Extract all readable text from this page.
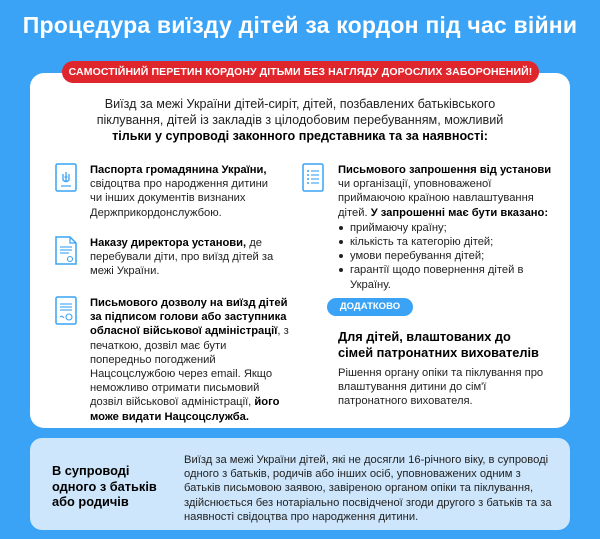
Процедура виїзду дітей за кордон під час війни
САМОСТІЙНИЙ ПЕРЕТИН КОРДОНУ ДІТЬМИ БЕЗ НАГЛЯДУ ДОРОСЛИХ ЗАБОРОНЕНИЙ!
Виїзд за межі України дітей-сиріт, дітей, позбавлених батьківського
піклування, дітей із закладів з цілодобовим перебуванням, можливий
тільки у супроводі законного представника та за наявності:
Паспорта громадянина України, свідоцтва про народження дитини чи інших документів визнаних Держприкордонслужбою.
Наказу директора установи, де перебували діти, про виїзд дітей за межі України.
Письмового дозволу на виїзд дітей за підписом голови або заступника обласної військової адміністрації, з печаткою, дозвіл має бути попередньо погоджений Нацсоцслужбою через email. Якщо неможливо отримати письмовий дозвіл військової адміністрації, його може видати Нацсоцслужба.
Письмового запрошення від установи чи організації, уповноваженої приймаючою країною навлаштування дітей. У запрошенні має бути вказано:
приймаючу країну;
кількість та категорію дітей;
умови перебування дітей;
гарантії щодо повернення дітей в Україну.
ДОДАТКОВО
Для дітей, влаштованих до сімей патронатних вихователів
Рішення органу опіки та піклування про влаштування дитини до сім'ї патронатного вихователя.
В супроводі одного з батьків або родичів
Виїзд за межі України дітей, які не досягли 16-річного віку, в супроводі одного з батьків, родичів або інших осіб, уповноважених одним з батьків письмовою заявою, завіреною органом опіки та піклування, здійснюється без нотаріально посвідченої згоди другого з батьків та за наявності свідоцтва про народження дитини.
